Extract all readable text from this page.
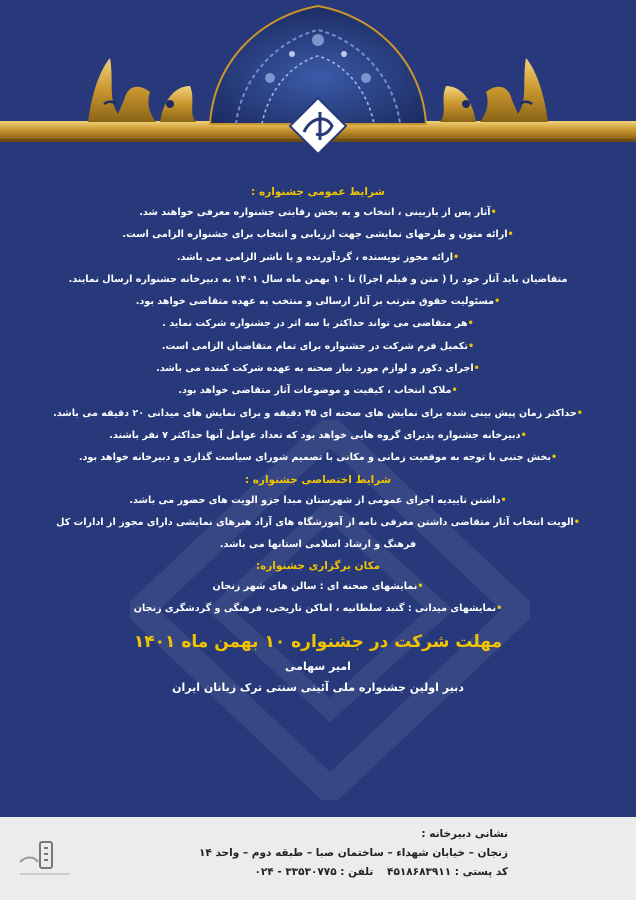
شرایط عمومی جشنواره :
•آثار پس از بازبینی ، انتخاب و به بخش رقابتی جشنواره معرفی خواهند شد.
•ارائه متون و طرحهای نمایشی جهت ارزیابی و انتخاب برای جشنواره الزامی است.
•ارائه مجوز نویسنده ، گردآورنده و یا ناشر الزامی می باشد.
متقاضیان باید آثار خود را ( متن و فیلم اجرا) تا ۱۰ بهمن ماه سال ۱۴۰۱ به دبیرخانه جشنواره ارسال نمایند.
•مسئولیت حقوق مترتب بر آثار ارسالی و منتخب به عهده متقاضی خواهد بود.
•هر متقاضی می تواند حداکثر با سه اثر در جشنواره شرکت نماید .
•تکمیل فرم شرکت در جشنواره برای تمام متقاضیان الزامی است.
•اجرای دکور و لوازم مورد نیاز صحنه به عهده شرکت کننده می باشد.
•ملاک انتخاب ، کیفیت و موضوعات آثار متقاضی خواهد بود.
•حداکثر زمان پیش بینی شده برای نمایش های صحنه ای ۴۵ دقیقه و برای نمایش های میدانی ۲۰ دقیقه می باشد.
•دبیرخانه جشنواره پذیرای گروه هایی خواهد بود که تعداد عوامل آنها حداکثر ۷ نفر باشند.
•بخش جنبی با توجه به موقعیت زمانی و مکانی با تصمیم شورای سیاست گذاری و دبیرخانه خواهد بود.
شرایط اختصاصی جشنواره :
•داشتن تاییدیه اجرای عمومی از شهرستان مبدا جزو الویت های حضور می باشد.
•الویت انتخاب آثار متقاضی داشتن معرفی نامه از آموزشگاه های آزاد هنرهای نمایشی دارای مجوز از ادارات کل فرهنگ و ارشاد اسلامی استانها می باشد.
مکان برگزاری جشنواره:
•نمایشهای صحنه ای : سالن های شهر زنجان
•نمایشهای میدانی : گنبد سلطانیه ، اماکن تاریخی، فرهنگی و گردشگری زنجان
مهلت شرکت در جشنواره ۱۰ بهمن ماه ۱۴۰۱
امیر سهامی
دبیر اولین جشنواره ملی آئینی سنتی ترک زبانان ایران
نشانی دبیرخانه :
زنجان – خیابان شهداء – ساختمان صبا – طبقه دوم – واحد ۱۴
کد پستی : ۴۵۱۸۶۸۳۹۱۱ تلفن : ۳۳۵۳۰۷۷۵ - ۰۲۴
